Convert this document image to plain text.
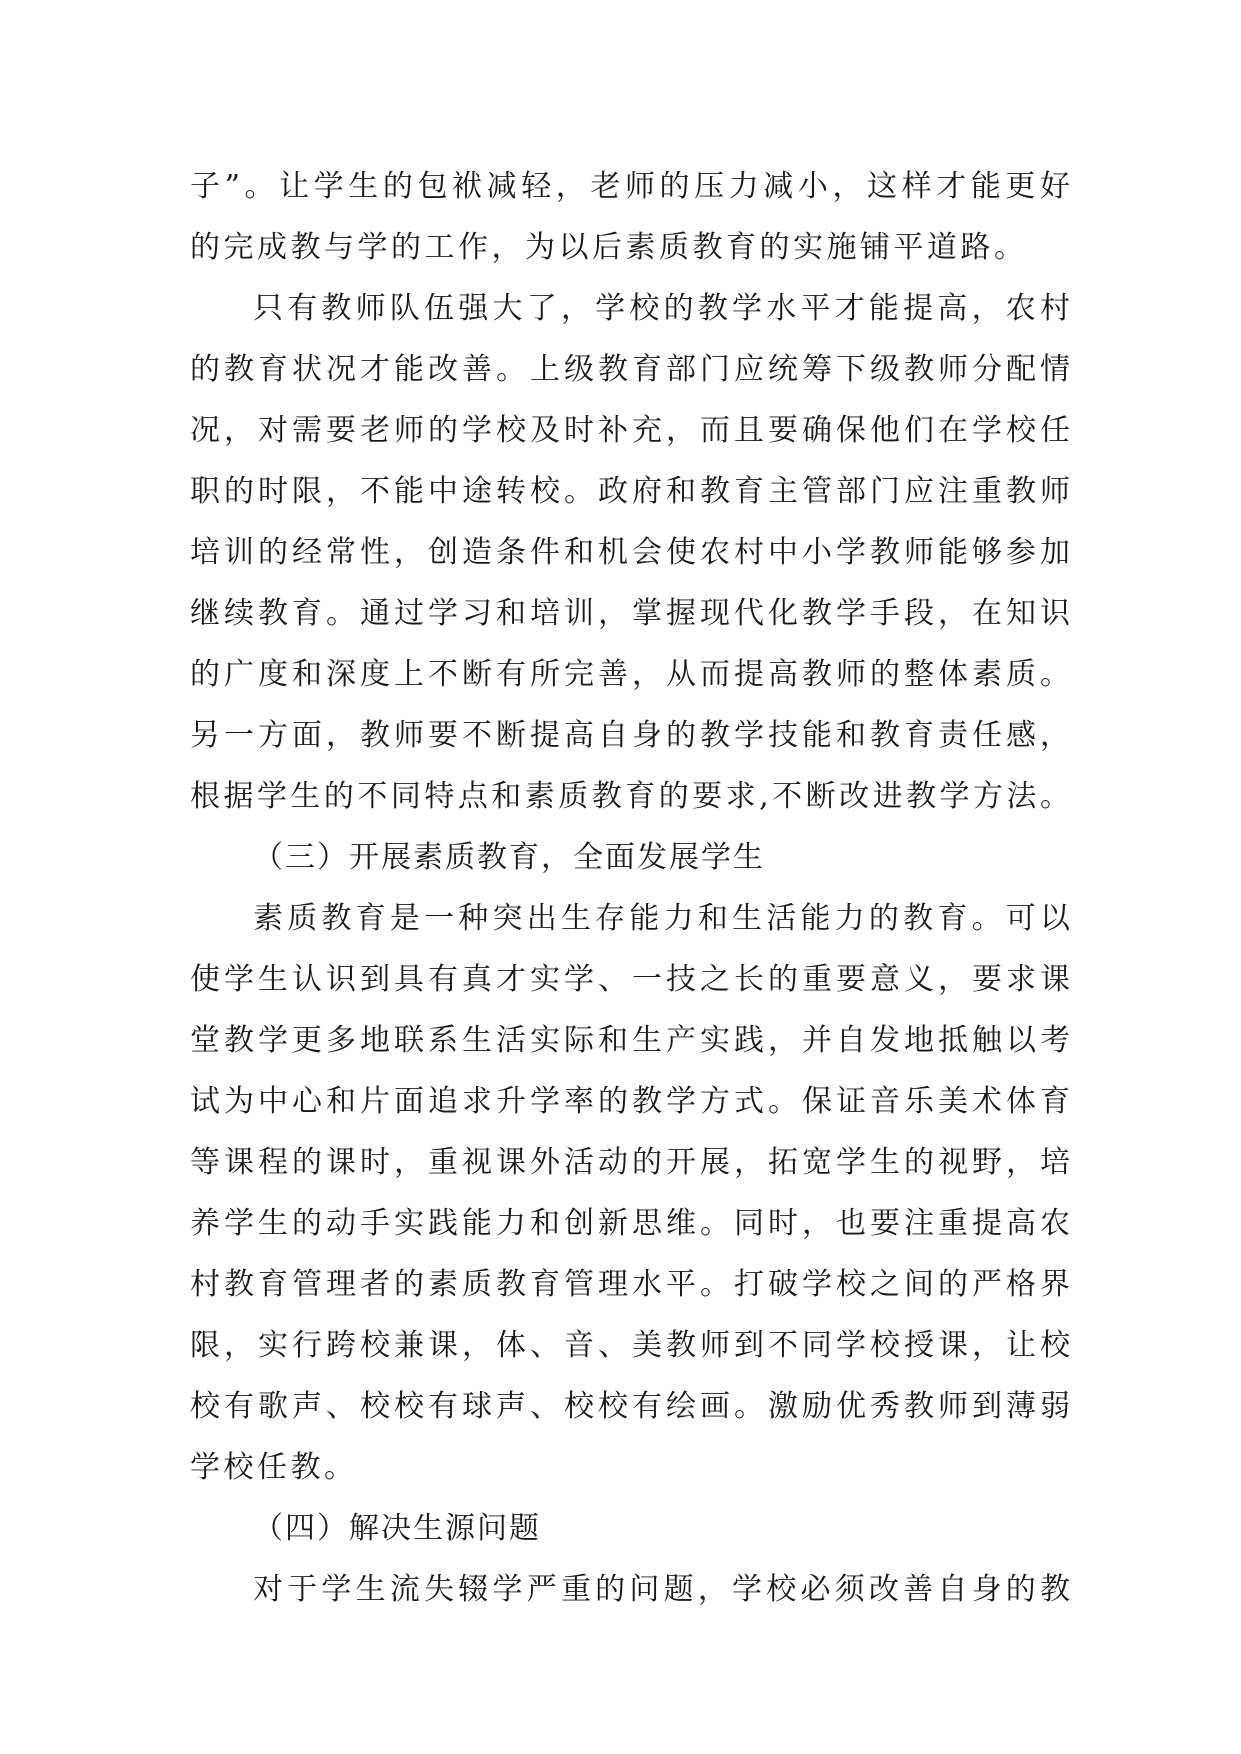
子”。让学生的包袱减轻，老师的压力减小，这样才能更好
的完成教与学的工作，为以后素质教育的实施铺平道路。
只有教师队伍强大了，学校的教学水平才能提高，农村
的教育状况才能改善。上级教育部门应统筹下级教师分配情
况，对需要老师的学校及时补充，而且要确保他们在学校任
职的时限，不能中途转校。政府和教育主管部门应注重教师
培训的经常性，创造条件和机会使农村中小学教师能够参加
继续教育。通过学习和培训，掌握现代化教学手段，在知识
的广度和深度上不断有所完善，从而提高教师的整体素质。
另一方面，教师要不断提高自身的教学技能和教育责任感，
根据学生的不同特点和素质教育的要求,不断改进教学方法。
（三）开展素质教育，全面发展学生
素质教育是一种突出生存能力和生活能力的教育。可以
使学生认识到具有真才实学、一技之长的重要意义，要求课
堂教学更多地联系生活实际和生产实践，并自发地抵触以考
试为中心和片面追求升学率的教学方式。保证音乐美术体育
等课程的课时，重视课外活动的开展，拓宽学生的视野，培
养学生的动手实践能力和创新思维。同时，也要注重提高农
村教育管理者的素质教育管理水平。打破学校之间的严格界
限，实行跨校兼课，体、音、美教师到不同学校授课，让校
校有歌声、校校有球声、校校有绘画。激励优秀教师到薄弱
学校任教。
（四）解决生源问题
对于学生流失辍学严重的问题，学校必须改善自身的教
